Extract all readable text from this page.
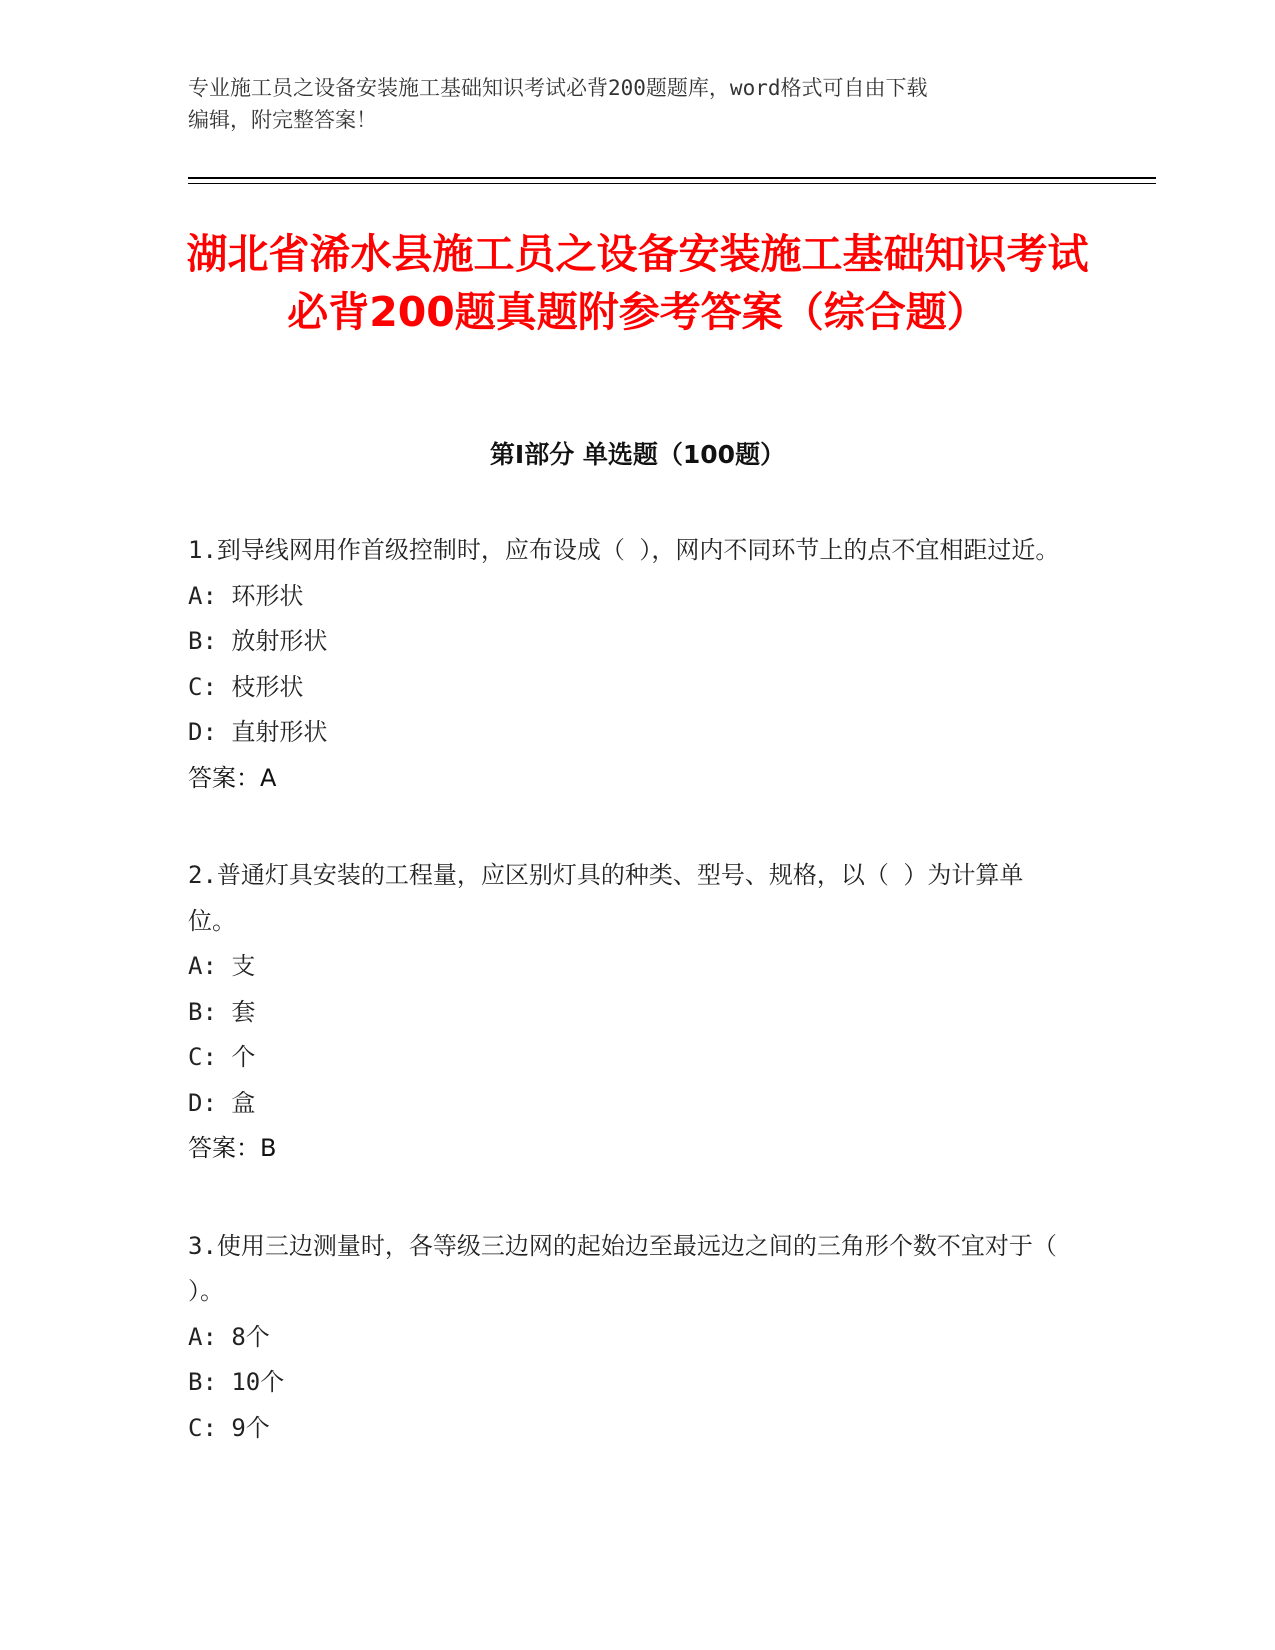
专业施工员之设备安装施工基础知识考试必背200题题库，word格式可自由下载
编辑，附完整答案！
湖北省浠水县施工员之设备安装施工基础知识考试必背200题真题附参考答案（综合题）
第Ⅰ部分 单选题（100题）
1.到导线网用作首级控制时，应布设成（ ），网内不同环节上的点不宜相距过近。
A: 环形状
B: 放射形状
C: 枝形状
D: 直射形状
答案：A
2.普通灯具安装的工程量，应区别灯具的种类、型号、规格，以（ ）为计算单位。
A: 支
B: 套
C: 个
D: 盒
答案：B
3.使用三边测量时，各等级三边网的起始边至最远边之间的三角形个数不宜对于（ ）。
A: 8个
B: 10个
C: 9个
